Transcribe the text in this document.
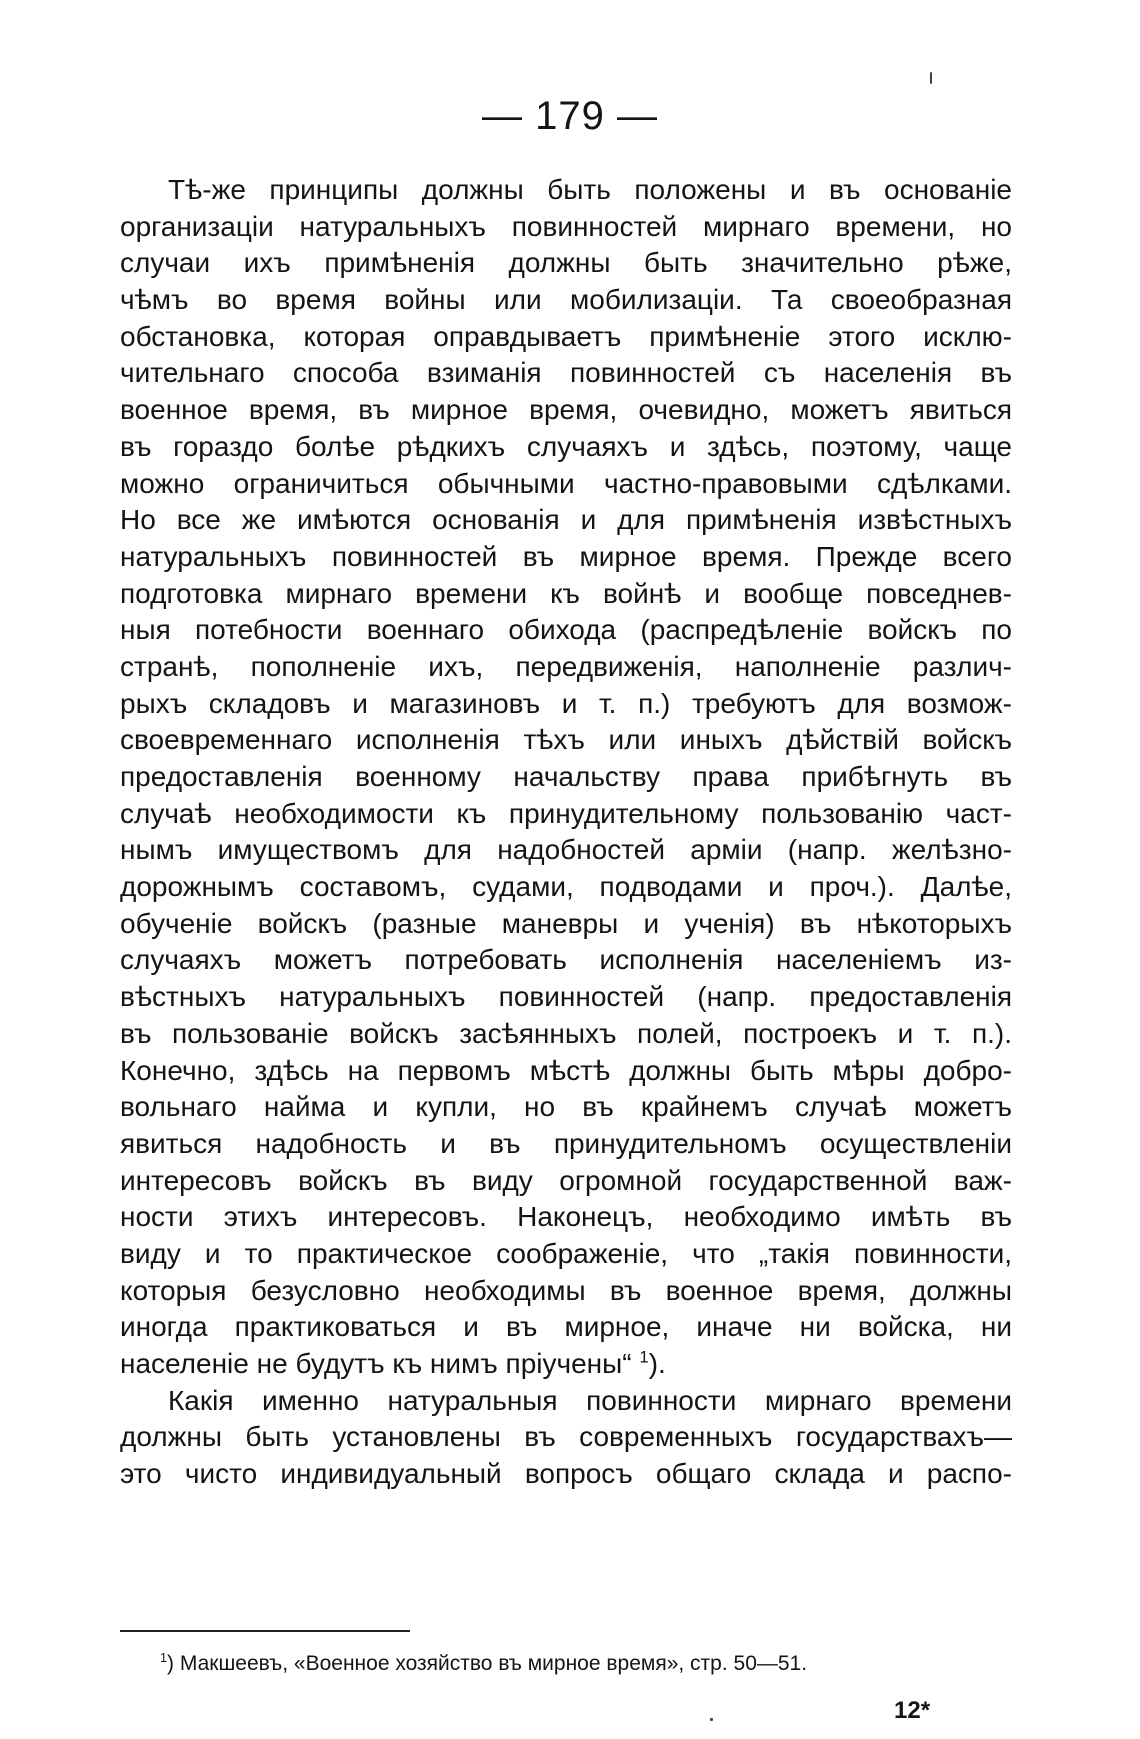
— 179 —
Тѣ-же принципы должны быть положены и въ основаніе
организаціи натуральныхъ повинностей мирнаго времени, но
случаи ихъ примѣненія должны быть значительно рѣже,
чѣмъ во время войны или мобилизаціи. Та своеобразная
обстановка, которая оправдываетъ примѣненіе этого исклю-
чительнаго способа взиманія повинностей съ населенія въ
военное время, въ мирное время, очевидно, можетъ явиться
въ гораздо болѣе рѣдкихъ случаяхъ и здѣсь, поэтому, чаще
можно ограничиться обычными частно-правовыми сдѣлками.
Но все же имѣются основанія и для примѣненія извѣстныхъ
натуральныхъ повинностей въ мирное время. Прежде всего
подготовка мирнаго времени къ войнѣ и вообще повседнев-
ныя потебности военнаго обихода (распредѣленіе войскъ по
странѣ, пополненіе ихъ, передвиженія, наполненіе различ-
рыхъ складовъ и магазиновъ и т. п.) требуютъ для возмож-
своевременнаго исполненія тѣхъ или иныхъ дѣйствій войскъ
предоставленія военному начальству права прибѣгнуть въ
случаѣ необходимости къ принудительному пользованію част-
нымъ имуществомъ для надобностей арміи (напр. желѣзно-
дорожнымъ составомъ, судами, подводами и проч.). Далѣе,
обученіе войскъ (разные маневры и ученія) въ нѣкоторыхъ
случаяхъ можетъ потребовать исполненія населеніемъ из-
вѣстныхъ натуральныхъ повинностей (напр. предоставленія
въ пользованіе войскъ засѣянныхъ полей, построекъ и т. п.).
Конечно, здѣсь на первомъ мѣстѣ должны быть мѣры добро-
вольнаго найма и купли, но въ крайнемъ случаѣ можетъ
явиться надобность и въ принудительномъ осуществленіи
интересовъ войскъ въ виду огромной государственной важ-
ности этихъ интересовъ. Наконецъ, необходимо имѣть въ
виду и то практическое соображеніе, что „такія повинности,
которыя безусловно необходимы въ военное время, должны
иногда практиковаться и въ мирное, иначе ни войска, ни
населеніе не будутъ къ нимъ пріучены“ $^1$).
Какія именно натуральныя повинности мирнаго времени
должны быть установлены въ современныхъ государствахъ—
это чисто индивидуальный вопросъ общаго склада и распо-
$^1$) Макшеевъ, «Военное хозяйство въ мирное время», стр. 50—51.
12*
